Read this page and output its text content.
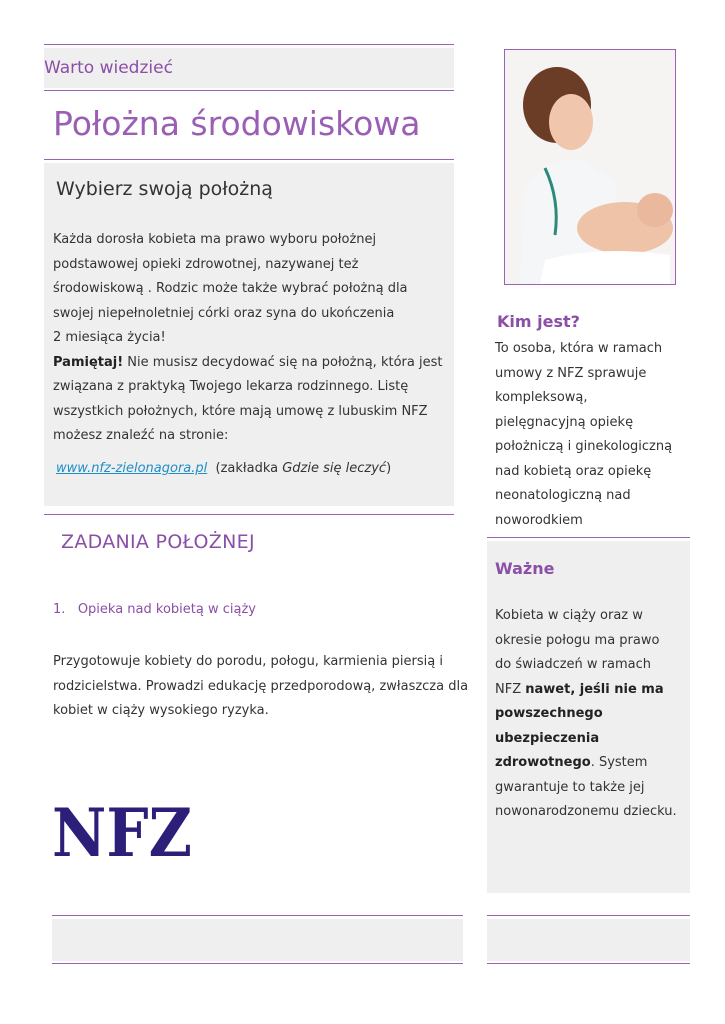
Warto wiedzieć
Położna środowiskowa
Wybierz swoją położną
Każda dorosła kobieta ma prawo wyboru położnej
podstawowej opieki zdrowotnej, nazywanej też
środowiskową . Rodzic może także wybrać położną dla
swojej niepełnoletniej córki oraz syna do ukończenia
2 miesiąca życia!
Pamiętaj! Nie musisz decydować się na położną, która jest
związana z praktyką Twojego lekarza rodzinnego. Listę
wszystkich położnych, które mają umowę z lubuskim NFZ
możesz znaleźć na stronie:
www.nfz-zielonagora.pl (zakładka Gdzie się leczyć)
ZADANIA POŁOŻNEJ
1. Opieka nad kobietą w ciąży
Przygotowuje kobiety do porodu, połogu, karmienia piersią i
rodzicielstwa. Prowadzi edukację przedporodową, zwłaszcza dla
kobiet w ciąży wysokiego ryzyka.
NFZ
Kim jest?
To osoba, która w ramach
umowy z NFZ sprawuje
kompleksową,
pielęgnacyjną opiekę
położniczą i ginekologiczną
nad kobietą oraz opiekę
neonatologiczną nad
noworodkiem
Ważne
Kobieta w ciąży oraz w
okresie połogu ma prawo
do świadczeń w ramach
NFZ nawet, jeśli nie ma
powszechnego
ubezpieczenia
zdrowotnego. System
gwarantuje to także jej
nowonarodzonemu dziecku.
